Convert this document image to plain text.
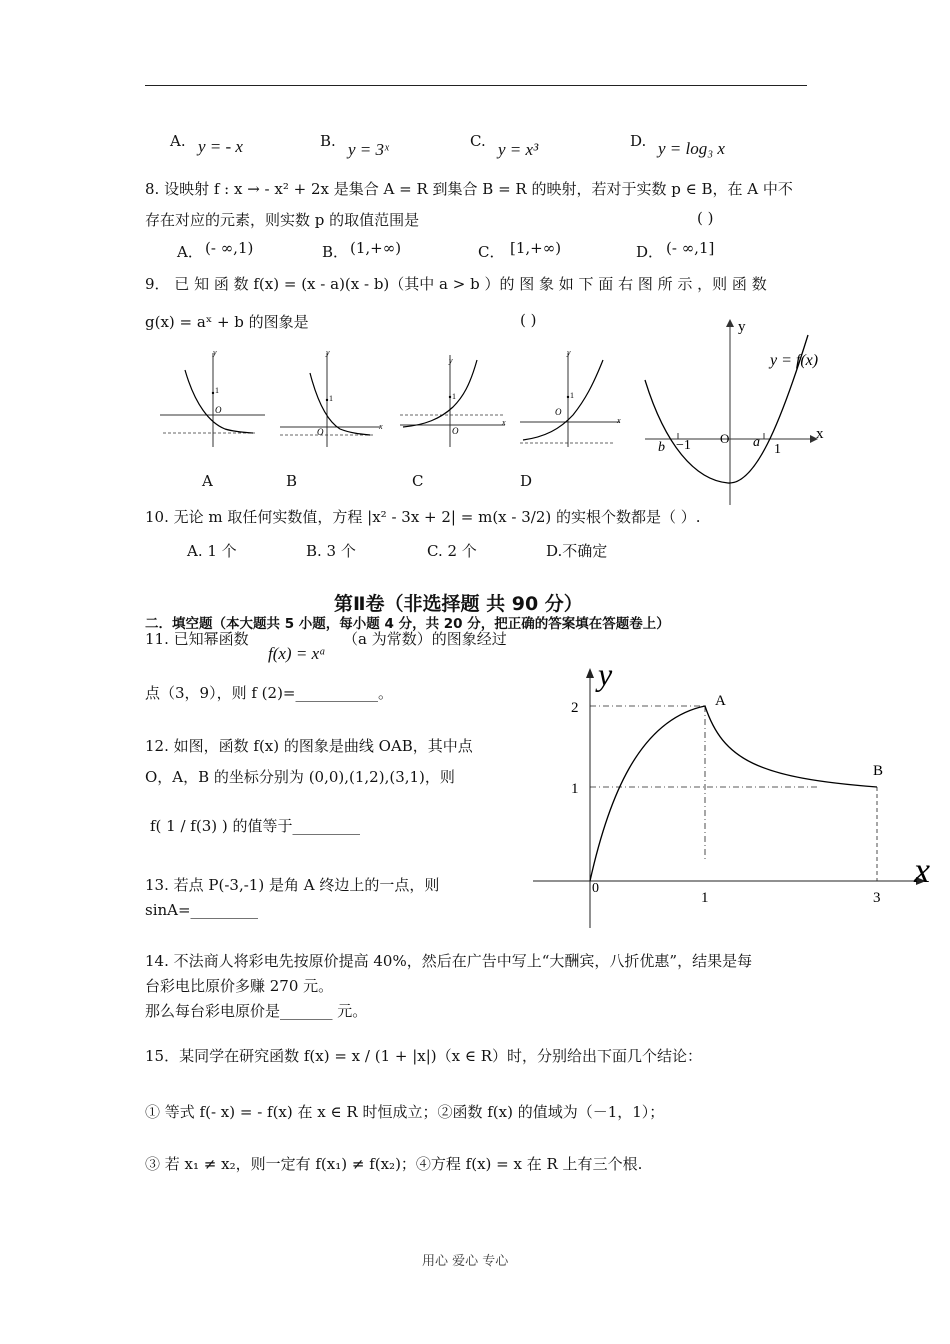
A. y = - x	B. y = 3ˣ	C. y = x³	D. y = log₃ x
8. 设映射 f : x → - x² + 2x 是集合 A = R 到集合 B = R 的映射，若对于实数 p ∈ B，在 A 中不
存在对应的元素，则实数 p 的取值范围是	( )
A． (- ∞,1)	B． (1,+∞)	C． [1,+∞)	D． (- ∞,1]
9． 已 知 函 数 f(x) = (x - a)(x - b)（其中 a > b ）的 图 象 如 下 面 右 图 所 示 ，则 函 数
g(x) = aˣ + b 的图象是	( )
y
1
O
y
1
O
x
y
1
O
x
y
1
O
x
A	B	C	D
y
x
y = f(x)
O
b −1	a 1
10. 无论 m 取任何实数值，方程 |x² - 3x + 2| = m(x - 3/2) 的实根个数都是（ ）.
A. 1 个	B. 3 个	C. 2 个	D.不确定
第Ⅱ卷（非选择题 共 90 分）
二．填空题（本大题共 5 小题，每小题 4 分，共 20 分，把正确的答案填在答题卷上）
11. 已知幂函数
f(x) = xᵃ
（a 为常数）的图象经过
点（3，9），则 f (2)=___________。
12. 如图，函数 f(x) 的图象是曲线 OAB，其中点
O，A，B 的坐标分别为 (0,0),(1,2),(3,1)，则
f( 1 / f(3) ) 的值等于_________
y
x
2
1
0
1	3
A
B
13. 若点 P(-3,-1) 是角 A 终边上的一点，则
sinA=_________
14. 不法商人将彩电先按原价提高 40%，然后在广告中写上“大酬宾，八折优惠”，结果是每
台彩电比原价多赚 270 元。
那么每台彩电原价是_______ 元。
15．某同学在研究函数 f(x) = x / (1 + |x|)（x ∈ R）时，分别给出下面几个结论：
① 等式 f(- x) = - f(x) 在 x ∈ R 时恒成立；②函数 f(x) 的值域为（－1，1）；
③ 若 x₁ ≠ x₂，则一定有 f(x₁) ≠ f(x₂)；④方程 f(x) = x 在 R 上有三个根.
用心 爱心 专心
